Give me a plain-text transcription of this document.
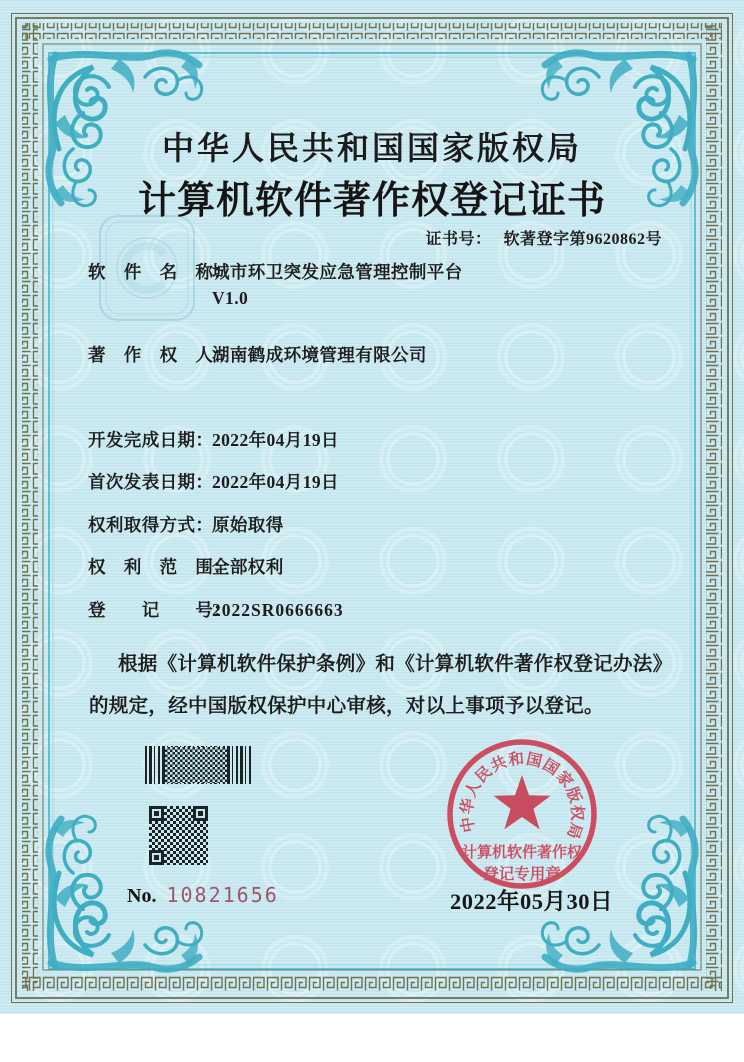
中华人民共和国国家版权局
计算机软件著作权登记证书
证书号： 软著登字第9620862号
软　件　名　称：
城市环卫突发应急管理控制平台
V1.0
著　作　权　人：
湖南鹤成环境管理有限公司
开发完成日期：
2022年04月19日
首次发表日期：
2022年04月19日
权利取得方式：
原始取得
权　利　范　围：
全部权利
登　　记　　号：
2022SR0666663
根据《计算机软件保护条例》和《计算机软件著作权登记办法》的规定，经中国版权保护中心审核，对以上事项予以登记。
No. 10821656
中华人民共和国国家版权局
计算机软件著作权
登记专用章
2022年05月30日
